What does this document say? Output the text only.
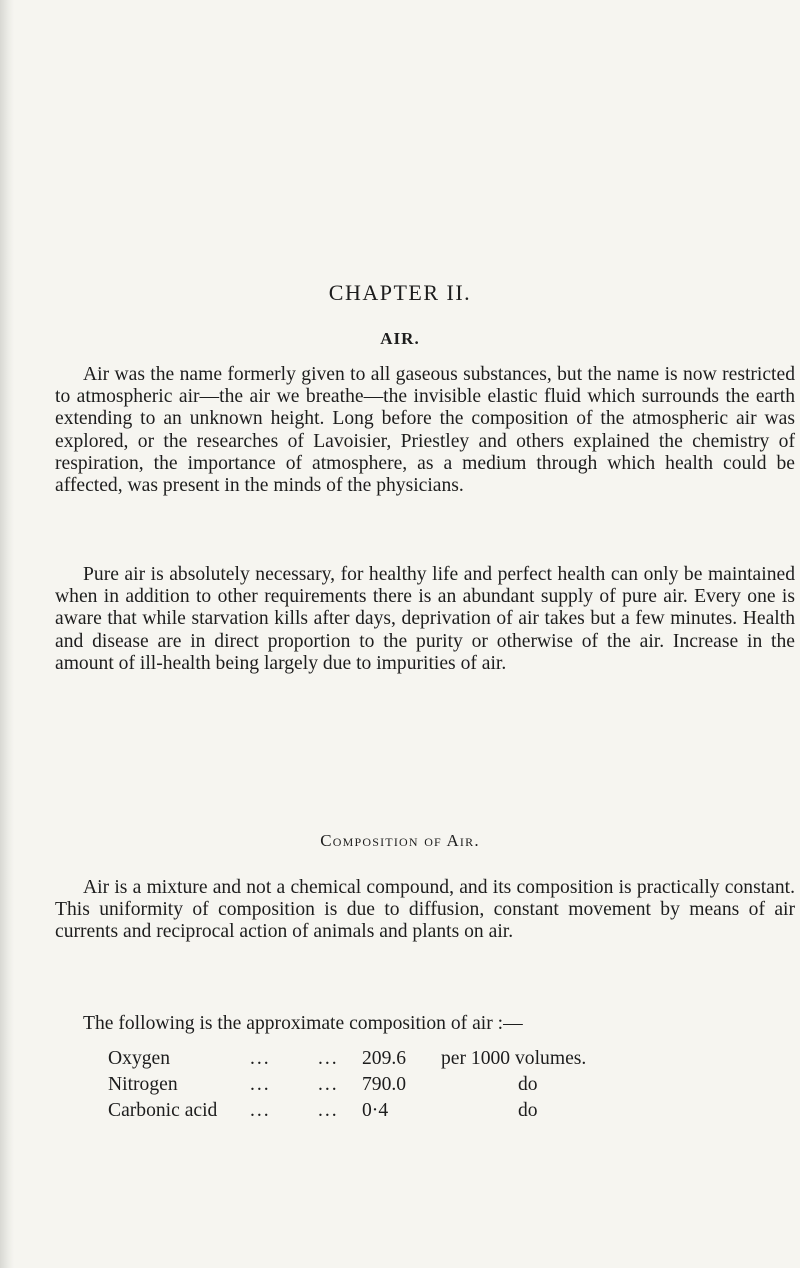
CHAPTER II.
AIR.

Air was the name formerly given to all gaseous substances, but the name is now restricted to atmospheric air—the air we breathe—the invisible elastic fluid which surrounds the earth extending to an unknown height. Long before the composition of the atmospheric air was explored, or the researches of Lavoisier, Priestley and others explained the chemistry of respiration, the importance of atmosphere, as a medium through which health could be affected, was present in the minds of the physicians.

Pure air is absolutely necessary, for healthy life and perfect health can only be maintained when in addition to other requirements there is an abundant supply of pure air. Every one is aware that while starvation kills after days, deprivation of air takes but a few minutes. Health and disease are in direct proportion to the purity or otherwise of the air. Increase in the amount of ill-health being largely due to impurities of air.

Composition of Air.

Air is a mixture and not a chemical compound, and its composition is practically constant. This uniformity of composition is due to diffusion, constant movement by means of air currents and reciprocal action of animals and plants on air.

The following is the approximate composition of air :—
Oxygen	... ... 209.6 per 1000 volumes.
Nitrogen	... ... 790.0	do
Carbonic acid ... ... 0·4	do
